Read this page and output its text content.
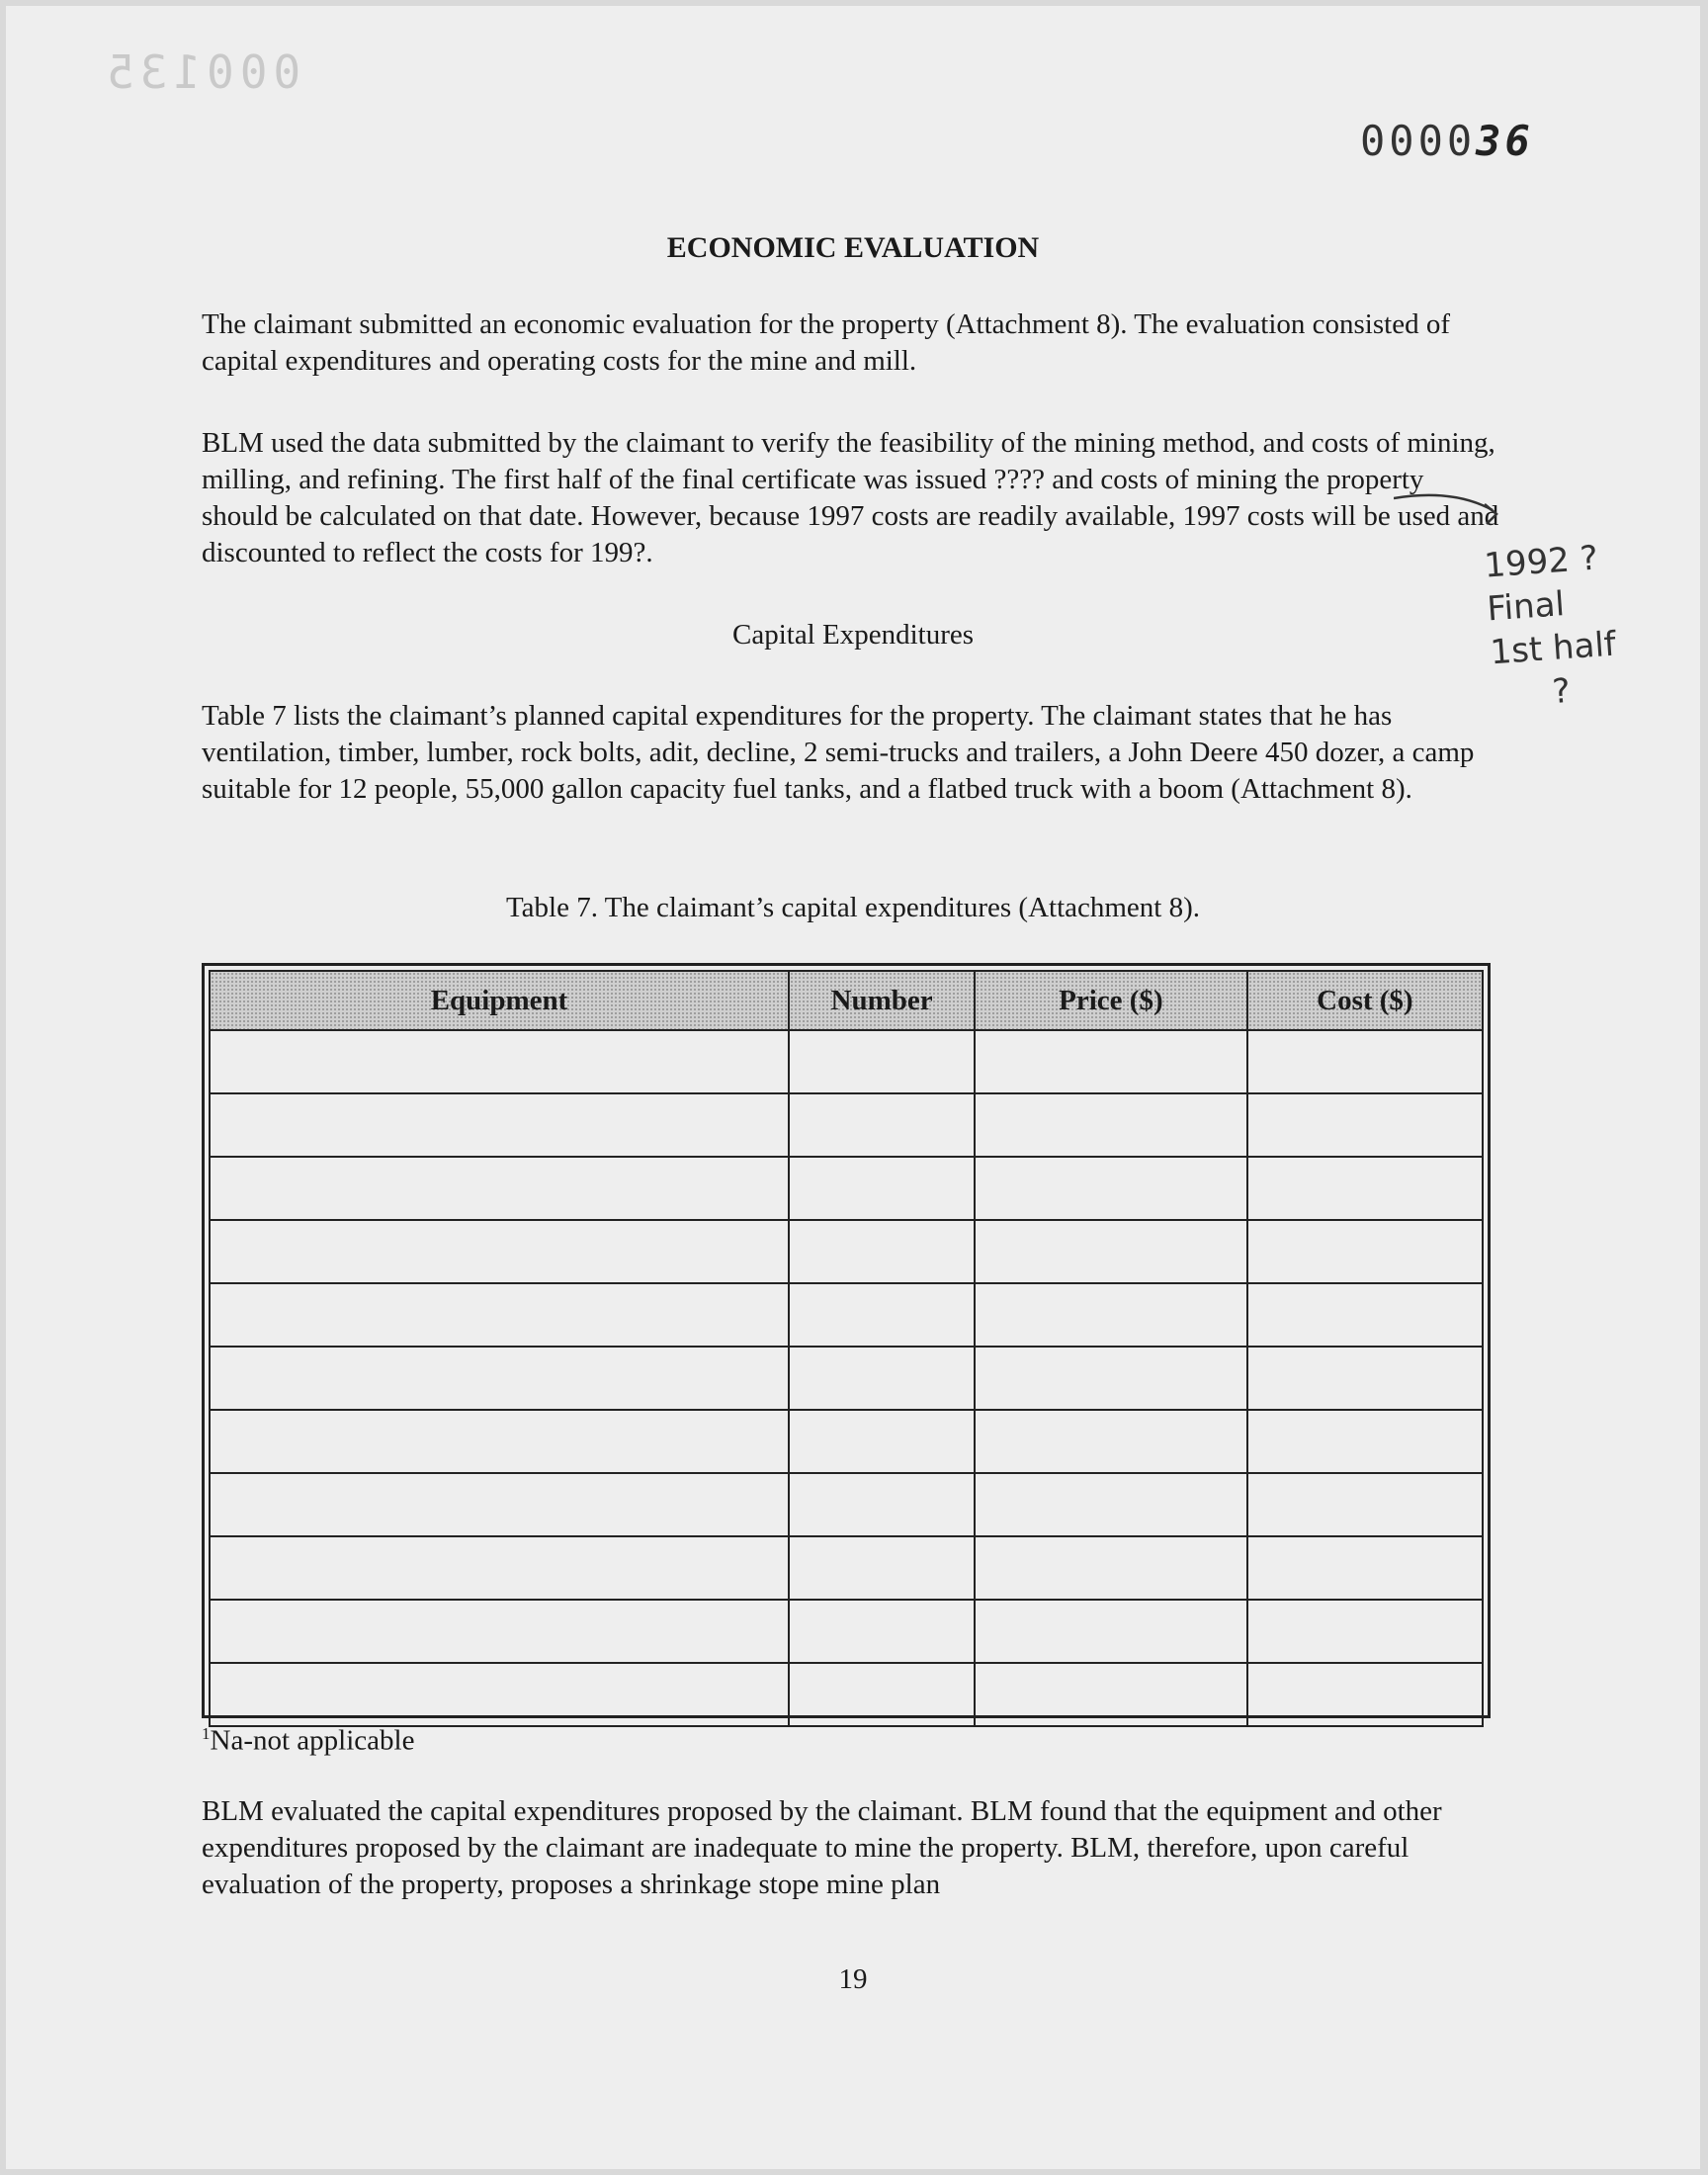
000135
000036
ECONOMIC EVALUATION

The claimant submitted an economic evaluation for the property (Attachment 8). The evaluation consisted of capital expenditures and operating costs for the mine and mill.

BLM used the data submitted by the claimant to verify the feasibility of the mining method, and costs of mining, milling, and refining. The first half of the final certificate was issued ???? and costs of mining the property should be calculated on that date. However, because 1997 costs are readily available, 1997 costs will be used and discounted to reflect the costs for 199?.

Capital Expenditures

Table 7 lists the claimant’s planned capital expenditures for the property. The claimant states that he has ventilation, timber, lumber, rock bolts, adit, decline, 2 semi-trucks and trailers, a John Deere 450 dozer, a camp suitable for 12 people, 55,000 gallon capacity fuel tanks, and a flatbed truck with a boom (Attachment 8).

Table 7. The claimant’s capital expenditures (Attachment 8).
Equipment	Number	Price ($)	Cost ($)

$^1$Na-not applicable

BLM evaluated the capital expenditures proposed by the claimant. BLM found that the equipment and other expenditures proposed by the claimant are inadequate to mine the property. BLM, therefore, upon careful evaluation of the property, proposes a shrinkage stope mine plan

19
1992 ?
Final
1st half
?
